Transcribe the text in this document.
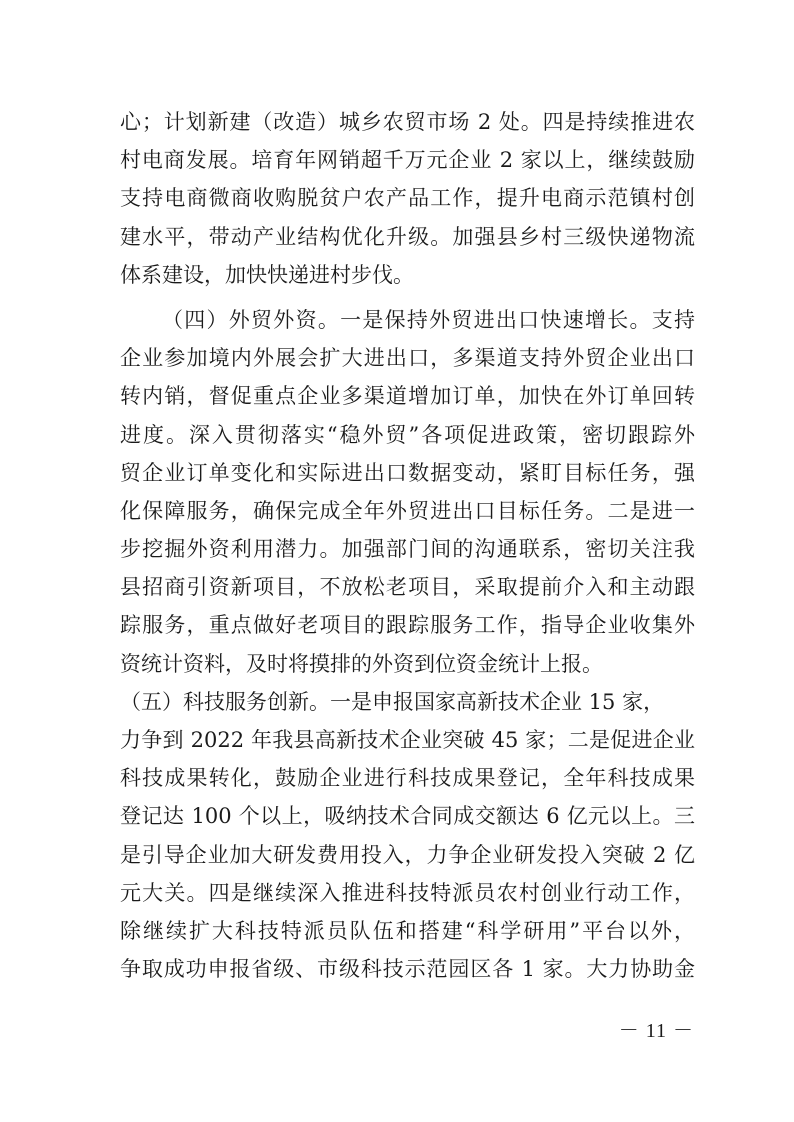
心；计划新建（改造）城乡农贸市场 2 处。四是持续推进农
村电商发展。培育年网销超千万元企业 2 家以上，继续鼓励
支持电商微商收购脱贫户农产品工作，提升电商示范镇村创
建水平，带动产业结构优化升级。加强县乡村三级快递物流
体系建设，加快快递进村步伐。
（四）外贸外资。一是保持外贸进出口快速增长。支持
企业参加境内外展会扩大进出口，多渠道支持外贸企业出口
转内销，督促重点企业多渠道增加订单，加快在外订单回转
进度。深入贯彻落实“稳外贸”各项促进政策，密切跟踪外
贸企业订单变化和实际进出口数据变动，紧盯目标任务，强
化保障服务，确保完成全年外贸进出口目标任务。二是进一
步挖掘外资利用潜力。加强部门间的沟通联系，密切关注我
县招商引资新项目，不放松老项目，采取提前介入和主动跟
踪服务，重点做好老项目的跟踪服务工作，指导企业收集外
资统计资料，及时将摸排的外资到位资金统计上报。
（五）科技服务创新。一是申报国家高新技术企业 15 家，
力争到 2022 年我县高新技术企业突破 45 家；二是促进企业
科技成果转化，鼓励企业进行科技成果登记，全年科技成果
登记达 100 个以上，吸纳技术合同成交额达 6 亿元以上。三
是引导企业加大研发费用投入，力争企业研发投入突破 2 亿
元大关。四是继续深入推进科技特派员农村创业行动工作，
除继续扩大科技特派员队伍和搭建“科学研用”平台以外，
争取成功申报省级、市级科技示范园区各 1 家。大力协助金
－ 11 －
